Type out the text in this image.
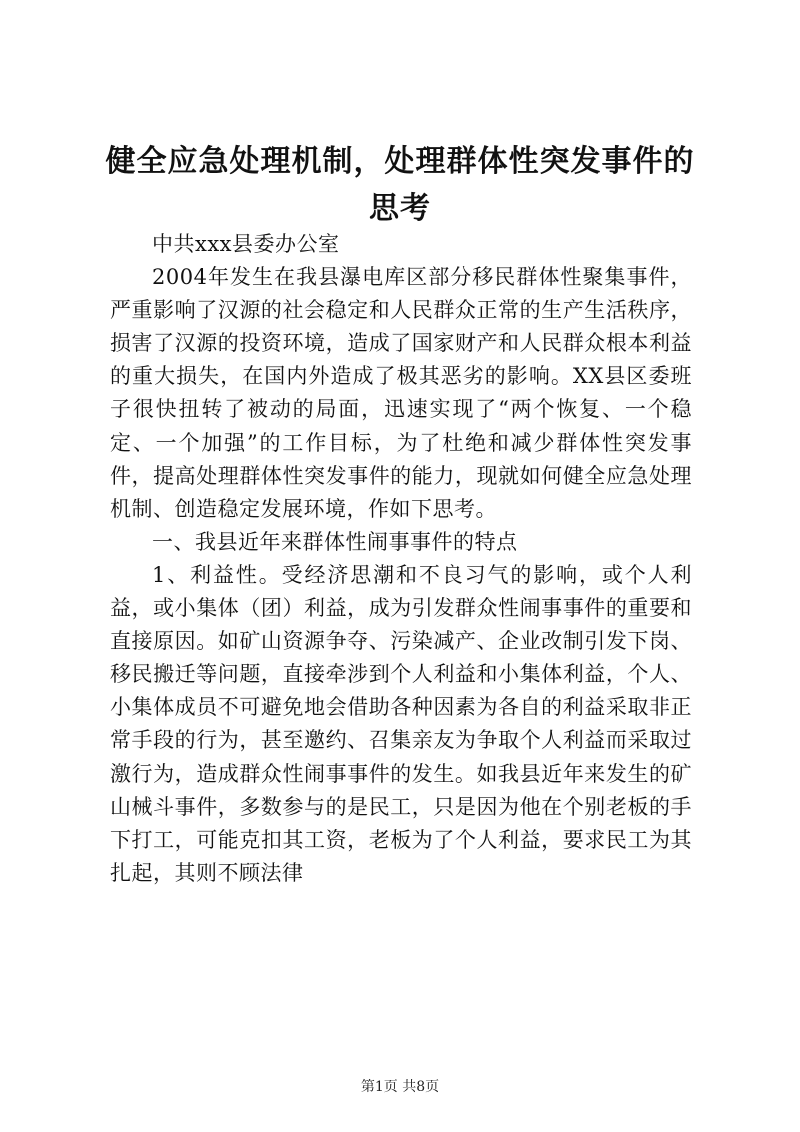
健全应急处理机制，处理群体性突发事件的思考

中共xxx县委办公室

2004年发生在我县瀑电库区部分移民群体性聚集事件，严重影响了汉源的社会稳定和人民群众正常的生产生活秩序，损害了汉源的投资环境，造成了国家财产和人民群众根本利益的重大损失，在国内外造成了极其恶劣的影响。XX县区委班子很快扭转了被动的局面，迅速实现了“两个恢复、一个稳定、一个加强”的工作目标，为了杜绝和减少群体性突发事件，提高处理群体性突发事件的能力，现就如何健全应急处理机制、创造稳定发展环境，作如下思考。

一、我县近年来群体性闹事事件的特点

1、利益性。受经济思潮和不良习气的影响，或个人利益，或小集体（团）利益，成为引发群众性闹事事件的重要和直接原因。如矿山资源争夺、污染减产、企业改制引发下岗、移民搬迁等问题，直接牵涉到个人利益和小集体利益，个人、小集体成员不可避免地会借助各种因素为各自的利益采取非正常手段的行为，甚至邀约、召集亲友为争取个人利益而采取过激行为，造成群众性闹事事件的发生。如我县近年来发生的矿山械斗事件，多数参与的是民工，只是因为他在个别老板的手下打工，可能克扣其工资，老板为了个人利益，要求民工为其扎起，其则不顾法律

第1页 共8页
